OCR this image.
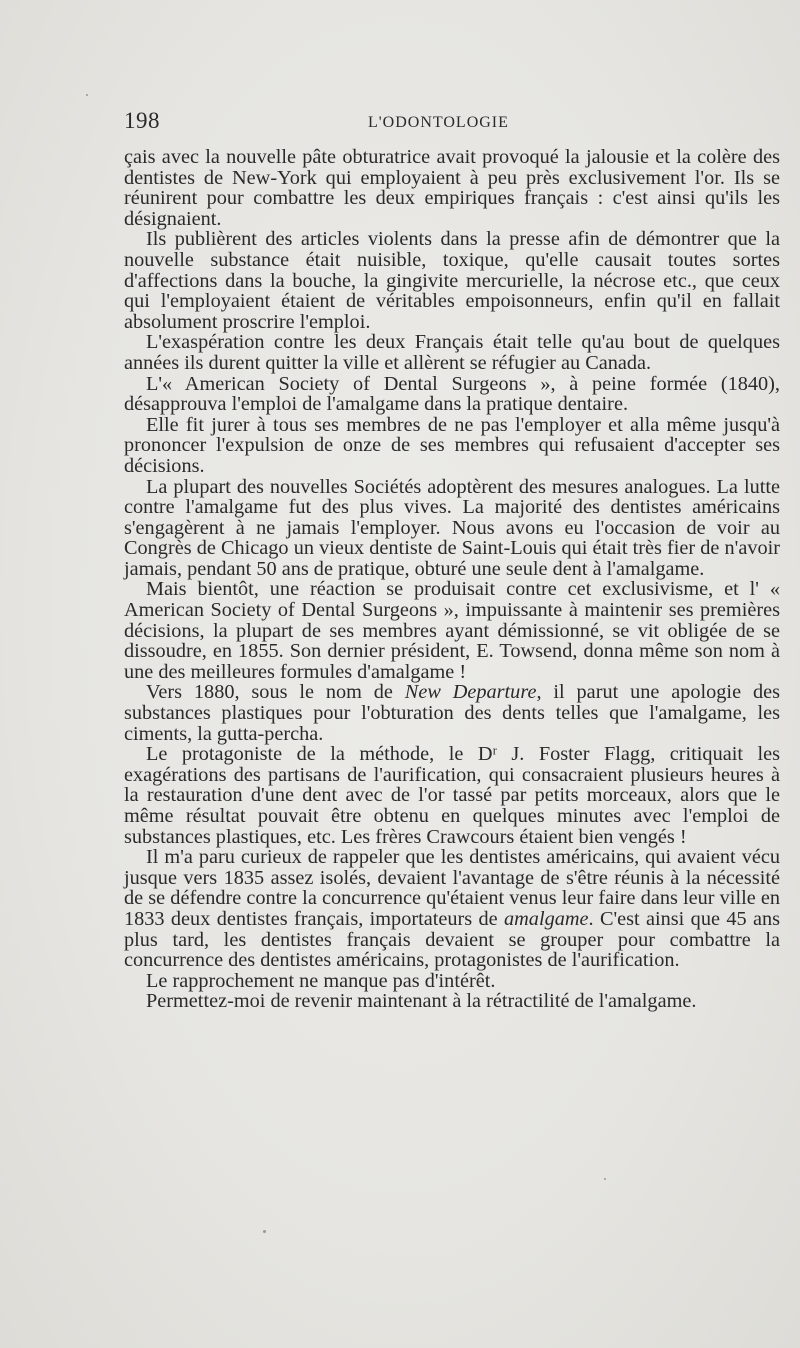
198	L'ODONTOLOGIE

çais avec la nouvelle pâte obturatrice avait provoqué la jalousie et la colère des dentistes de New-York qui employaient à peu près exclusivement l'or. Ils se réunirent pour combattre les deux empiriques français : c'est ainsi qu'ils les désignaient.

Ils publièrent des articles violents dans la presse afin de démontrer que la nouvelle substance était nuisible, toxique, qu'elle causait toutes sortes d'affections dans la bouche, la gingivite mercurielle, la nécrose etc., que ceux qui l'employaient étaient de véritables empoisonneurs, enfin qu'il en fallait absolument proscrire l'emploi.

L'exaspération contre les deux Français était telle qu'au bout de quelques années ils durent quitter la ville et allèrent se réfugier au Canada.

L'« American Society of Dental Surgeons », à peine formée (1840), désapprouva l'emploi de l'amalgame dans la pratique dentaire.

Elle fit jurer à tous ses membres de ne pas l'employer et alla même jusqu'à prononcer l'expulsion de onze de ses membres qui refusaient d'accepter ses décisions.

La plupart des nouvelles Sociétés adoptèrent des mesures analogues. La lutte contre l'amalgame fut des plus vives. La majorité des dentistes américains s'engagèrent à ne jamais l'employer. Nous avons eu l'occasion de voir au Congrès de Chicago un vieux dentiste de Saint-Louis qui était très fier de n'avoir jamais, pendant 50 ans de pratique, obturé une seule dent à l'amalgame.

Mais bientôt, une réaction se produisait contre cet exclusivisme, et l' « American Society of Dental Surgeons », impuissante à maintenir ses premières décisions, la plupart de ses membres ayant démissionné, se vit obligée de se dissoudre, en 1855. Son dernier président, E. Towsend, donna même son nom à une des meilleures formules d'amalgame !

Vers 1880, sous le nom de New Departure, il parut une apologie des substances plastiques pour l'obturation des dents telles que l'amalgame, les ciments, la gutta-percha.

Le protagoniste de la méthode, le Dʳ J. Foster Flagg, critiquait les exagérations des partisans de l'aurification, qui consacraient plusieurs heures à la restauration d'une dent avec de l'or tassé par petits morceaux, alors que le même résultat pouvait être obtenu en quelques minutes avec l'emploi de substances plastiques, etc. Les frères Crawcours étaient bien vengés !

Il m'a paru curieux de rappeler que les dentistes américains, qui avaient vécu jusque vers 1835 assez isolés, devaient l'avantage de s'être réunis à la nécessité de se défendre contre la concurrence qu'étaient venus leur faire dans leur ville en 1833 deux dentistes français, importateurs de amalgame. C'est ainsi que 45 ans plus tard, les dentistes français devaient se grouper pour combattre la concurrence des dentistes américains, protagonistes de l'aurification.

Le rapprochement ne manque pas d'intérêt.

Permettez-moi de revenir maintenant à la rétractilité de l'amalgame.
